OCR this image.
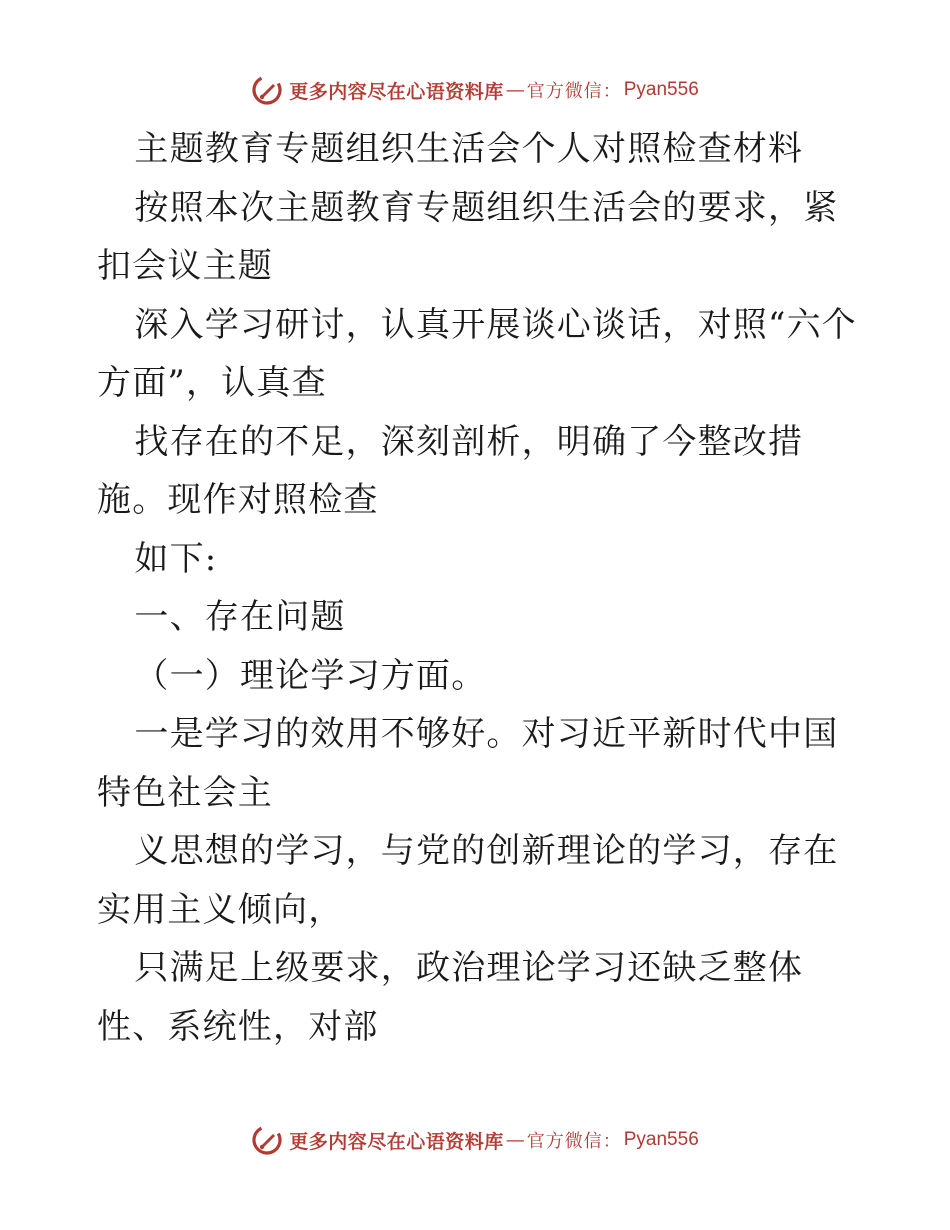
更多内容尽在心语资料库 — 官方微信： Pyan556

主题教育专题组织生活会个人对照检查材料

按照本次主题教育专题组织生活会的要求，紧扣会议主题

深入学习研讨，认真开展谈心谈话，对照“六个方面”，认真查

找存在的不足，深刻剖析，明确了今整改措施。现作对照检查

如下:

一、存在问题

（一）理论学习方面。

一是学习的效用不够好。对习近平新时代中国特色社会主

义思想的学习，与党的创新理论的学习，存在实用主义倾向，

只满足上级要求，政治理论学习还缺乏整体性、系统性，对部

更多内容尽在心语资料库 — 官方微信： Pyan556
